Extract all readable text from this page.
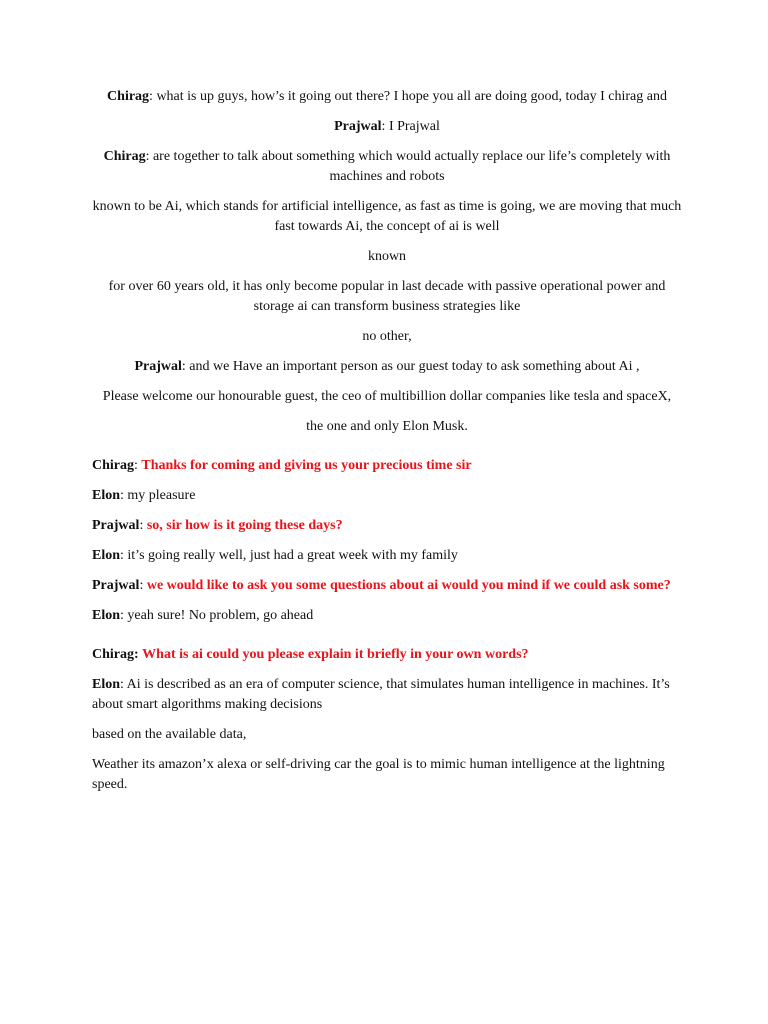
Chirag: what is up guys, how’s it going out there? I hope you all are doing good, today I chirag and

Prajwal: I Prajwal

Chirag: are together to talk about something which would actually replace our life’s completely with machines and robots

known to be Ai, which stands for artificial intelligence, as fast as time is going, we are moving that much fast towards Ai, the concept of ai is well

known

for over 60 years old, it has only become popular in last decade with passive operational power and storage ai can transform business strategies like

no other,

Prajwal: and we Have an important person as our guest today to ask something about Ai ,

Please welcome our honourable guest, the ceo of multibillion dollar companies like tesla and spaceX,

the one and only Elon Musk.

Chirag: Thanks for coming and giving us your precious time sir

Elon: my pleasure

Prajwal: so, sir how is it going these days?

Elon: it’s going really well, just had a great week with my family

Prajwal: we would like to ask you some questions about ai would you mind if we could ask some?

Elon: yeah sure! No problem, go ahead

Chirag: What is ai could you please explain it briefly in your own words?

Elon: Ai is described as an era of computer science, that simulates human intelligence in machines. It’s about smart algorithms making decisions

based on the available data,

Weather its amazon’x alexa or self-driving car the goal is to mimic human intelligence at the lightning speed.
